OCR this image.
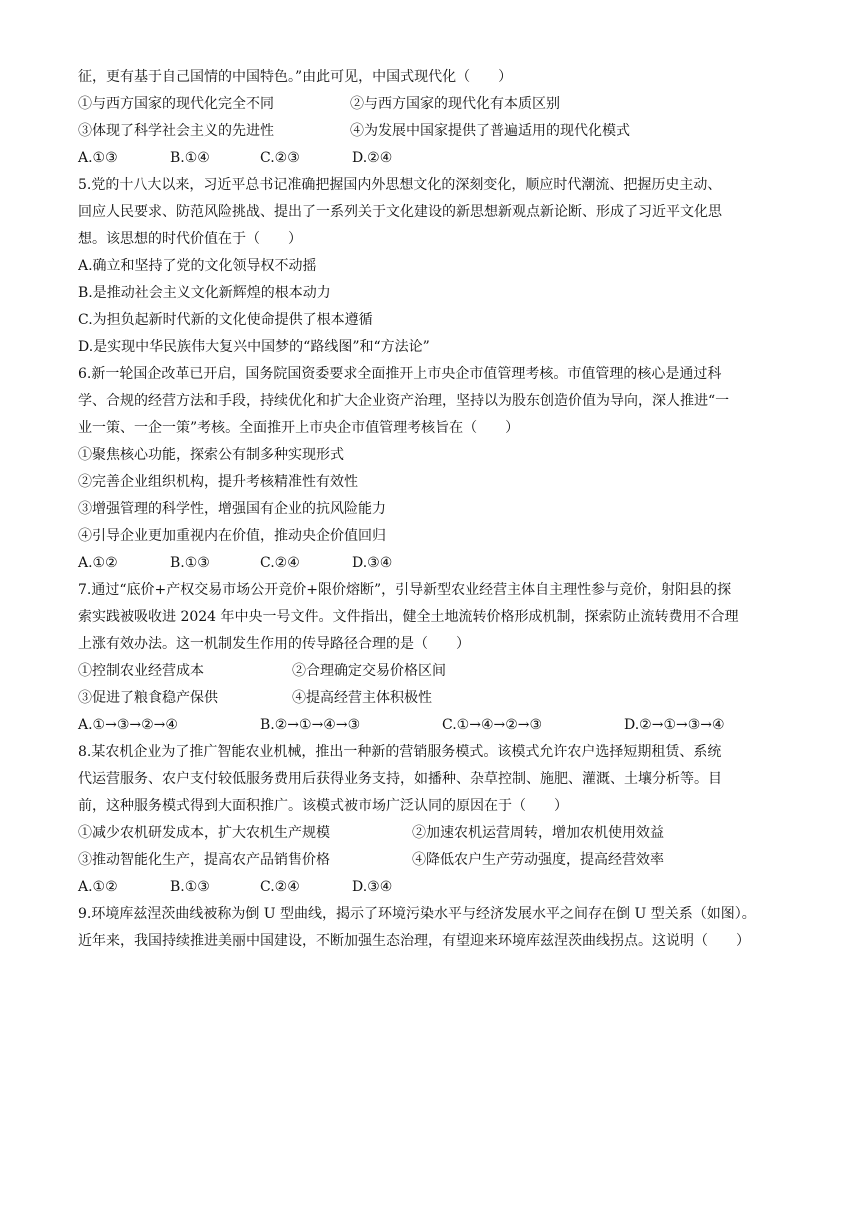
征，更有基于自己国情的中国特色。”由此可见，中国式现代化（　　）
①与西方国家的现代化完全不同	②与西方国家的现代化有本质区别
③体现了科学社会主义的先进性	④为发展中国家提供了普遍适用的现代化模式
A.①③	B.①④	C.②③	D.②④
5.党的十八大以来，习近平总书记准确把握国内外思想文化的深刻变化，顺应时代潮流、把握历史主动、
回应人民要求、防范风险挑战、提出了一系列关于文化建设的新思想新观点新论断、形成了习近平文化思
想。该思想的时代价值在于（　　）
A.确立和坚持了党的文化领导权不动摇
B.是推动社会主义文化新辉煌的根本动力
C.为担负起新时代新的文化使命提供了根本遵循
D.是实现中华民族伟大复兴中国梦的“路线图”和“方法论”
6.新一轮国企改革已开启，国务院国资委要求全面推开上市央企市值管理考核。市值管理的核心是通过科
学、合规的经营方法和手段，持续优化和扩大企业资产治理，坚持以为股东创造价值为导向，深人推进“一
业一策、一企一策”考核。全面推开上市央企市值管理考核旨在（　　）
①聚焦核心功能，探索公有制多种实现形式
②完善企业组织机构，提升考核精准性有效性
③增强管理的科学性，增强国有企业的抗风险能力
④引导企业更加重视内在价值，推动央企价值回归
A.①②	B.①③	C.②④	D.③④
7.通过“底价+产权交易市场公开竞价+限价熔断”，引导新型农业经营主体自主理性参与竞价，射阳县的探
索实践被吸收进 2024 年中央一号文件。文件指出，健全土地流转价格形成机制，探索防止流转费用不合理
上涨有效办法。这一机制发生作用的传导路径合理的是（　　）
①控制农业经营成本	②合理确定交易价格区间
③促进了粮食稳产保供	④提高经营主体积极性
A.①→③→②→④	B.②→①→④→③	C.①→④→②→③	D.②→①→③→④
8.某农机企业为了推广智能农业机械，推出一种新的营销服务模式。该模式允许农户选择短期租赁、系统
代运营服务、农户支付较低服务费用后获得业务支持，如播种、杂草控制、施肥、灌溉、土壤分析等。目
前，这种服务模式得到大面积推广。该模式被市场广泛认同的原因在于（　　）
①减少农机研发成本，扩大农机生产规模	②加速农机运营周转，增加农机使用效益
③推动智能化生产，提高农产品销售价格	④降低农户生产劳动强度，提高经营效率
A.①②	B.①③	C.②④	D.③④
9.环境库兹涅茨曲线被称为倒 U 型曲线，揭示了环境污染水平与经济发展水平之间存在倒 U 型关系（如图）。
近年来，我国持续推进美丽中国建设，不断加强生态治理，有望迎来环境库兹涅茨曲线拐点。这说明（　　）
